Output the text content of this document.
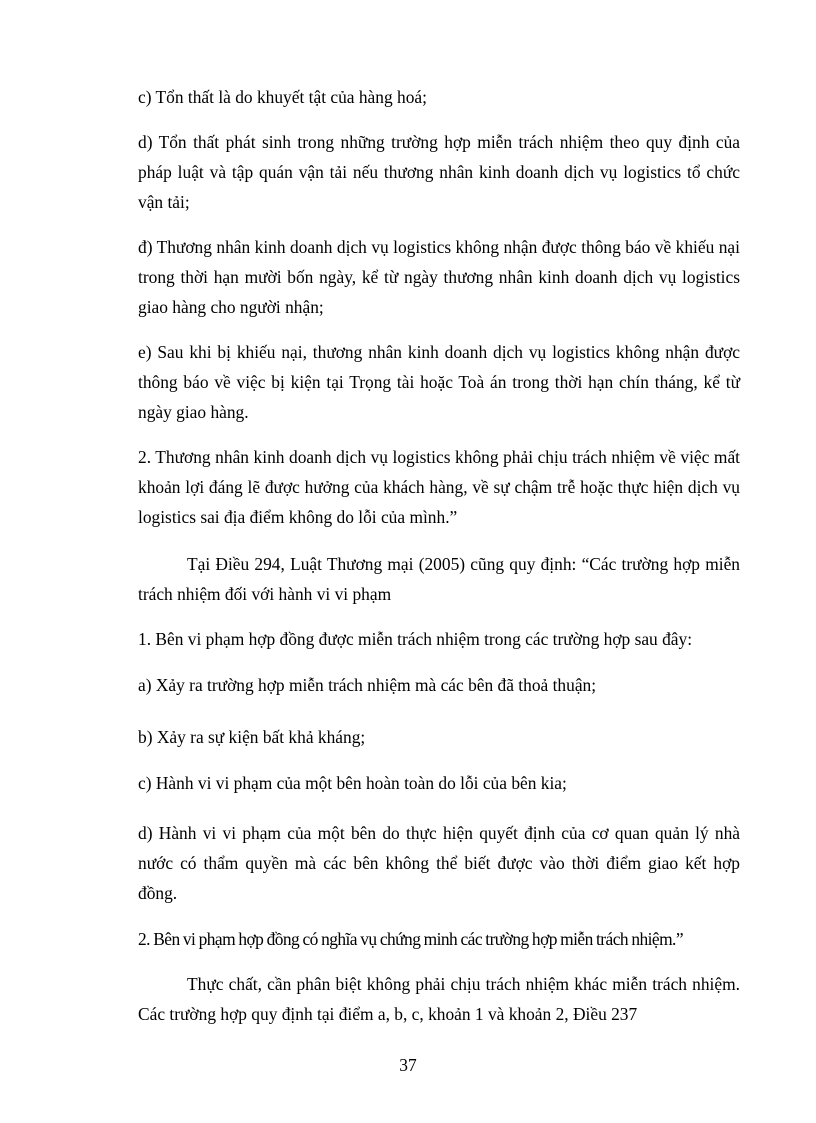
c) Tổn thất là do khuyết tật của hàng hoá;

d) Tổn thất phát sinh trong những trường hợp miễn trách nhiệm theo quy định của pháp luật và tập quán vận tải nếu thương nhân kinh doanh dịch vụ logistics tổ chức vận tải;

đ) Thương nhân kinh doanh dịch vụ logistics không nhận được thông báo về khiếu nại trong thời hạn mười bốn ngày, kể từ ngày thương nhân kinh doanh dịch vụ logistics giao hàng cho người nhận;

e) Sau khi bị khiếu nại, thương nhân kinh doanh dịch vụ logistics không nhận được thông báo về việc bị kiện tại Trọng tài hoặc Toà án trong thời hạn chín tháng, kể từ ngày giao hàng.

2. Thương nhân kinh doanh dịch vụ logistics không phải chịu trách nhiệm về việc mất khoản lợi đáng lẽ được hưởng của khách hàng, về sự chậm trễ hoặc thực hiện dịch vụ logistics sai địa điểm không do lỗi của mình.”

Tại Điều 294, Luật Thương mại (2005) cũng quy định: “Các trường hợp miễn trách nhiệm đối với hành vi vi phạm

1. Bên vi phạm hợp đồng được miễn trách nhiệm trong các trường hợp sau đây:

a) Xảy ra trường hợp miễn trách nhiệm mà các bên đã thoả thuận;

b) Xảy ra sự kiện bất khả kháng;

c) Hành vi vi phạm của một bên hoàn toàn do lỗi của bên kia;

d) Hành vi vi phạm của một bên do thực hiện quyết định của cơ quan quản lý nhà nước có thẩm quyền mà các bên không thể biết được vào thời điểm giao kết hợp đồng.

2. Bên vi phạm hợp đồng có nghĩa vụ chứng minh các trường hợp miễn trách nhiệm.”

Thực chất, cần phân biệt không phải chịu trách nhiệm khác miễn trách nhiệm. Các trường hợp quy định tại điểm a, b, c, khoản 1 và khoản 2, Điều 237

37
